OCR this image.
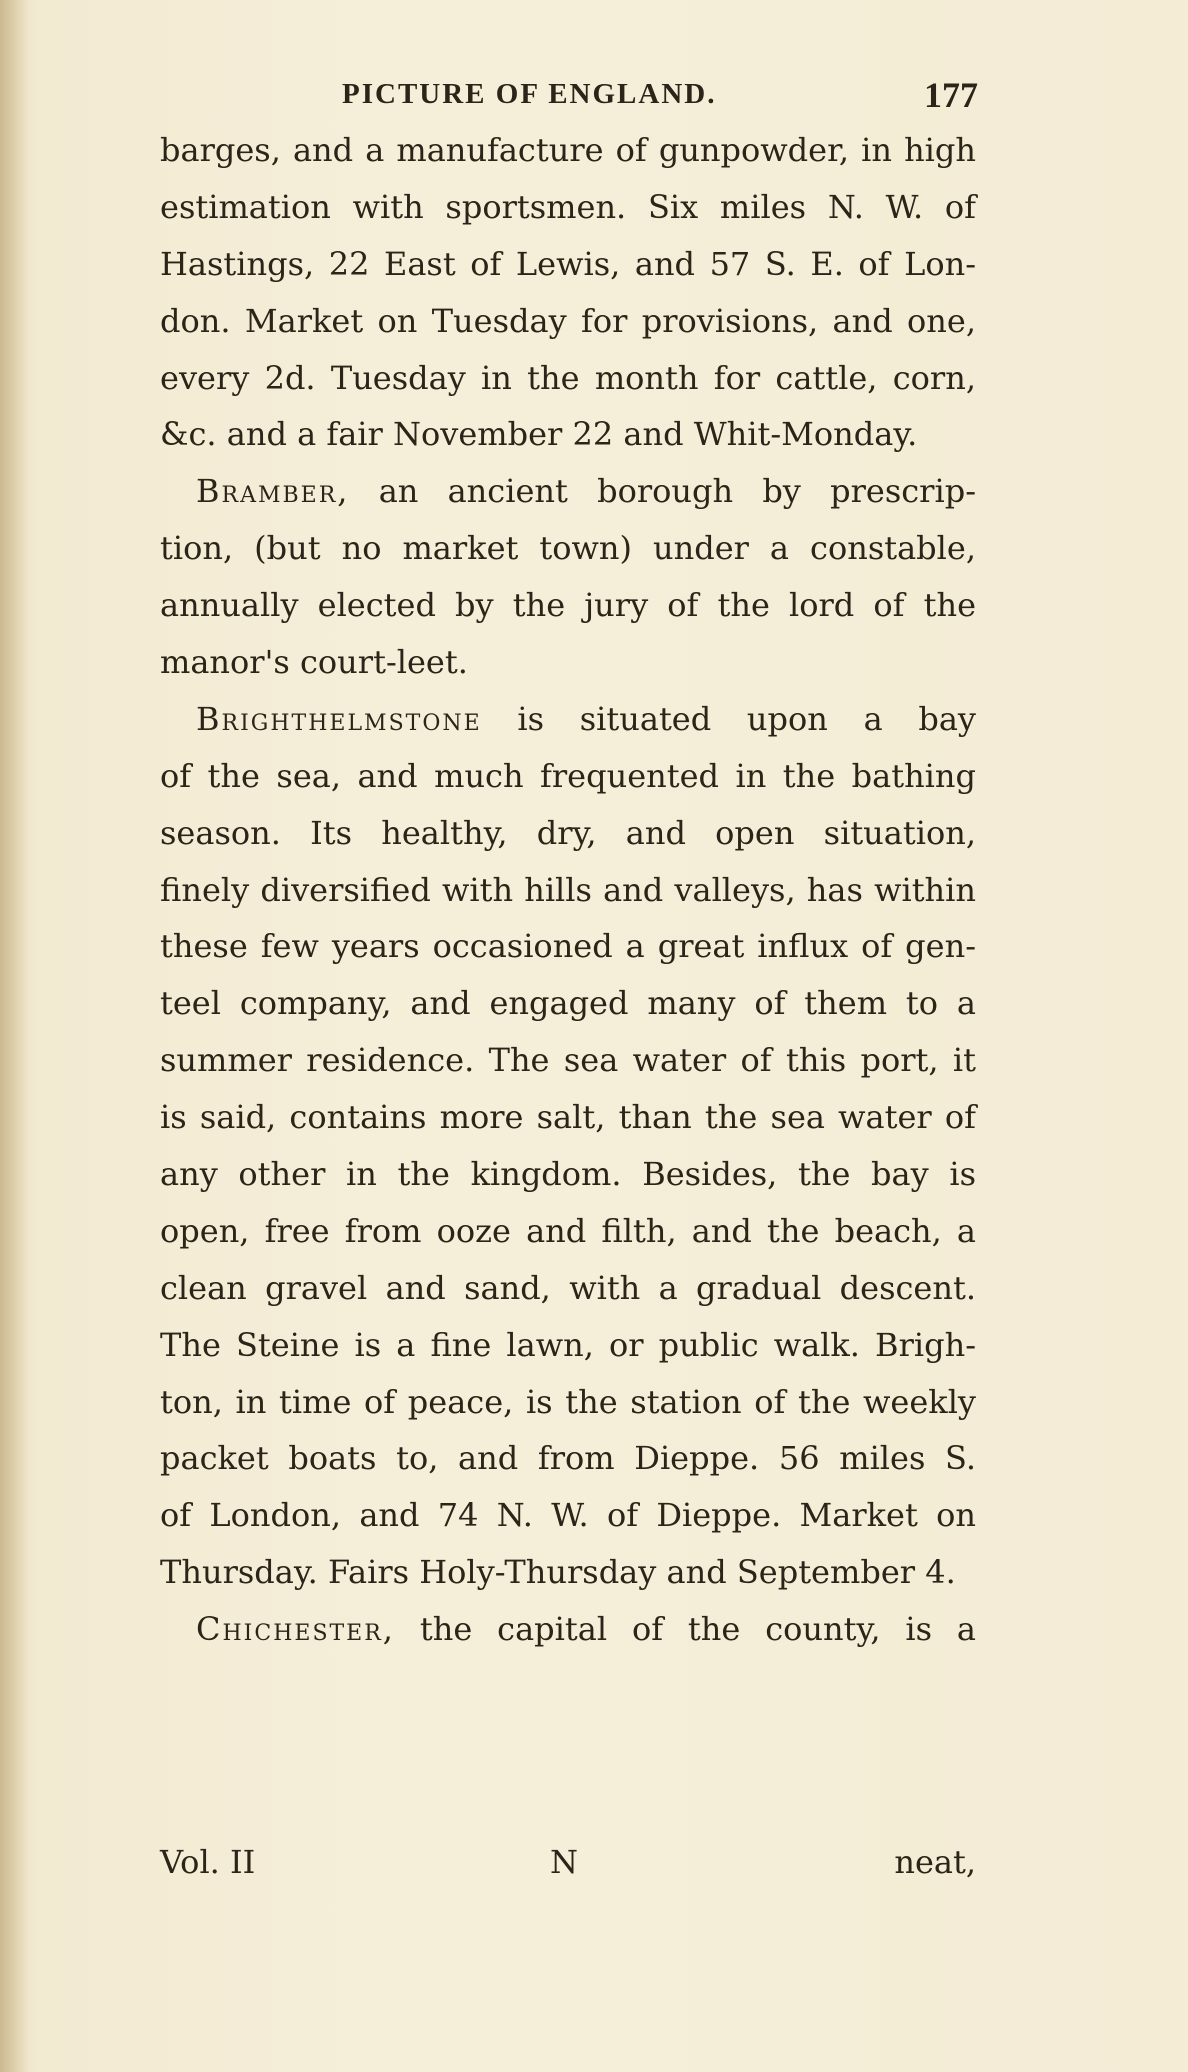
PICTURE OF ENGLAND.	177
barges, and a manufacture of gunpowder, in high
estimation with sportsmen. Six miles N. W. of
Hastings, 22 East of Lewis, and 57 S. E. of Lon-
don. Market on Tuesday for provisions, and one,
every 2d. Tuesday in the month for cattle, corn,
&c. and a fair November 22 and Whit-Monday.
Bramber, an ancient borough by prescrip-
tion, (but no market town) under a constable,
annually elected by the jury of the lord of the
manor's court-leet.
Brighthelmstone is situated upon a bay
of the sea, and much frequented in the bathing
season. Its healthy, dry, and open situation,
finely diversified with hills and valleys, has within
these few years occasioned a great influx of gen-
teel company, and engaged many of them to a
summer residence. The sea water of this port, it
is said, contains more salt, than the sea water of
any other in the kingdom. Besides, the bay is
open, free from ooze and filth, and the beach, a
clean gravel and sand, with a gradual descent.
The Steine is a fine lawn, or public walk. Brigh-
ton, in time of peace, is the station of the weekly
packet boats to, and from Dieppe. 56 miles S.
of London, and 74 N. W. of Dieppe. Market on
Thursday. Fairs Holy-Thursday and September 4.
Chichester, the capital of the county, is a
Vol. II	N	neat,
